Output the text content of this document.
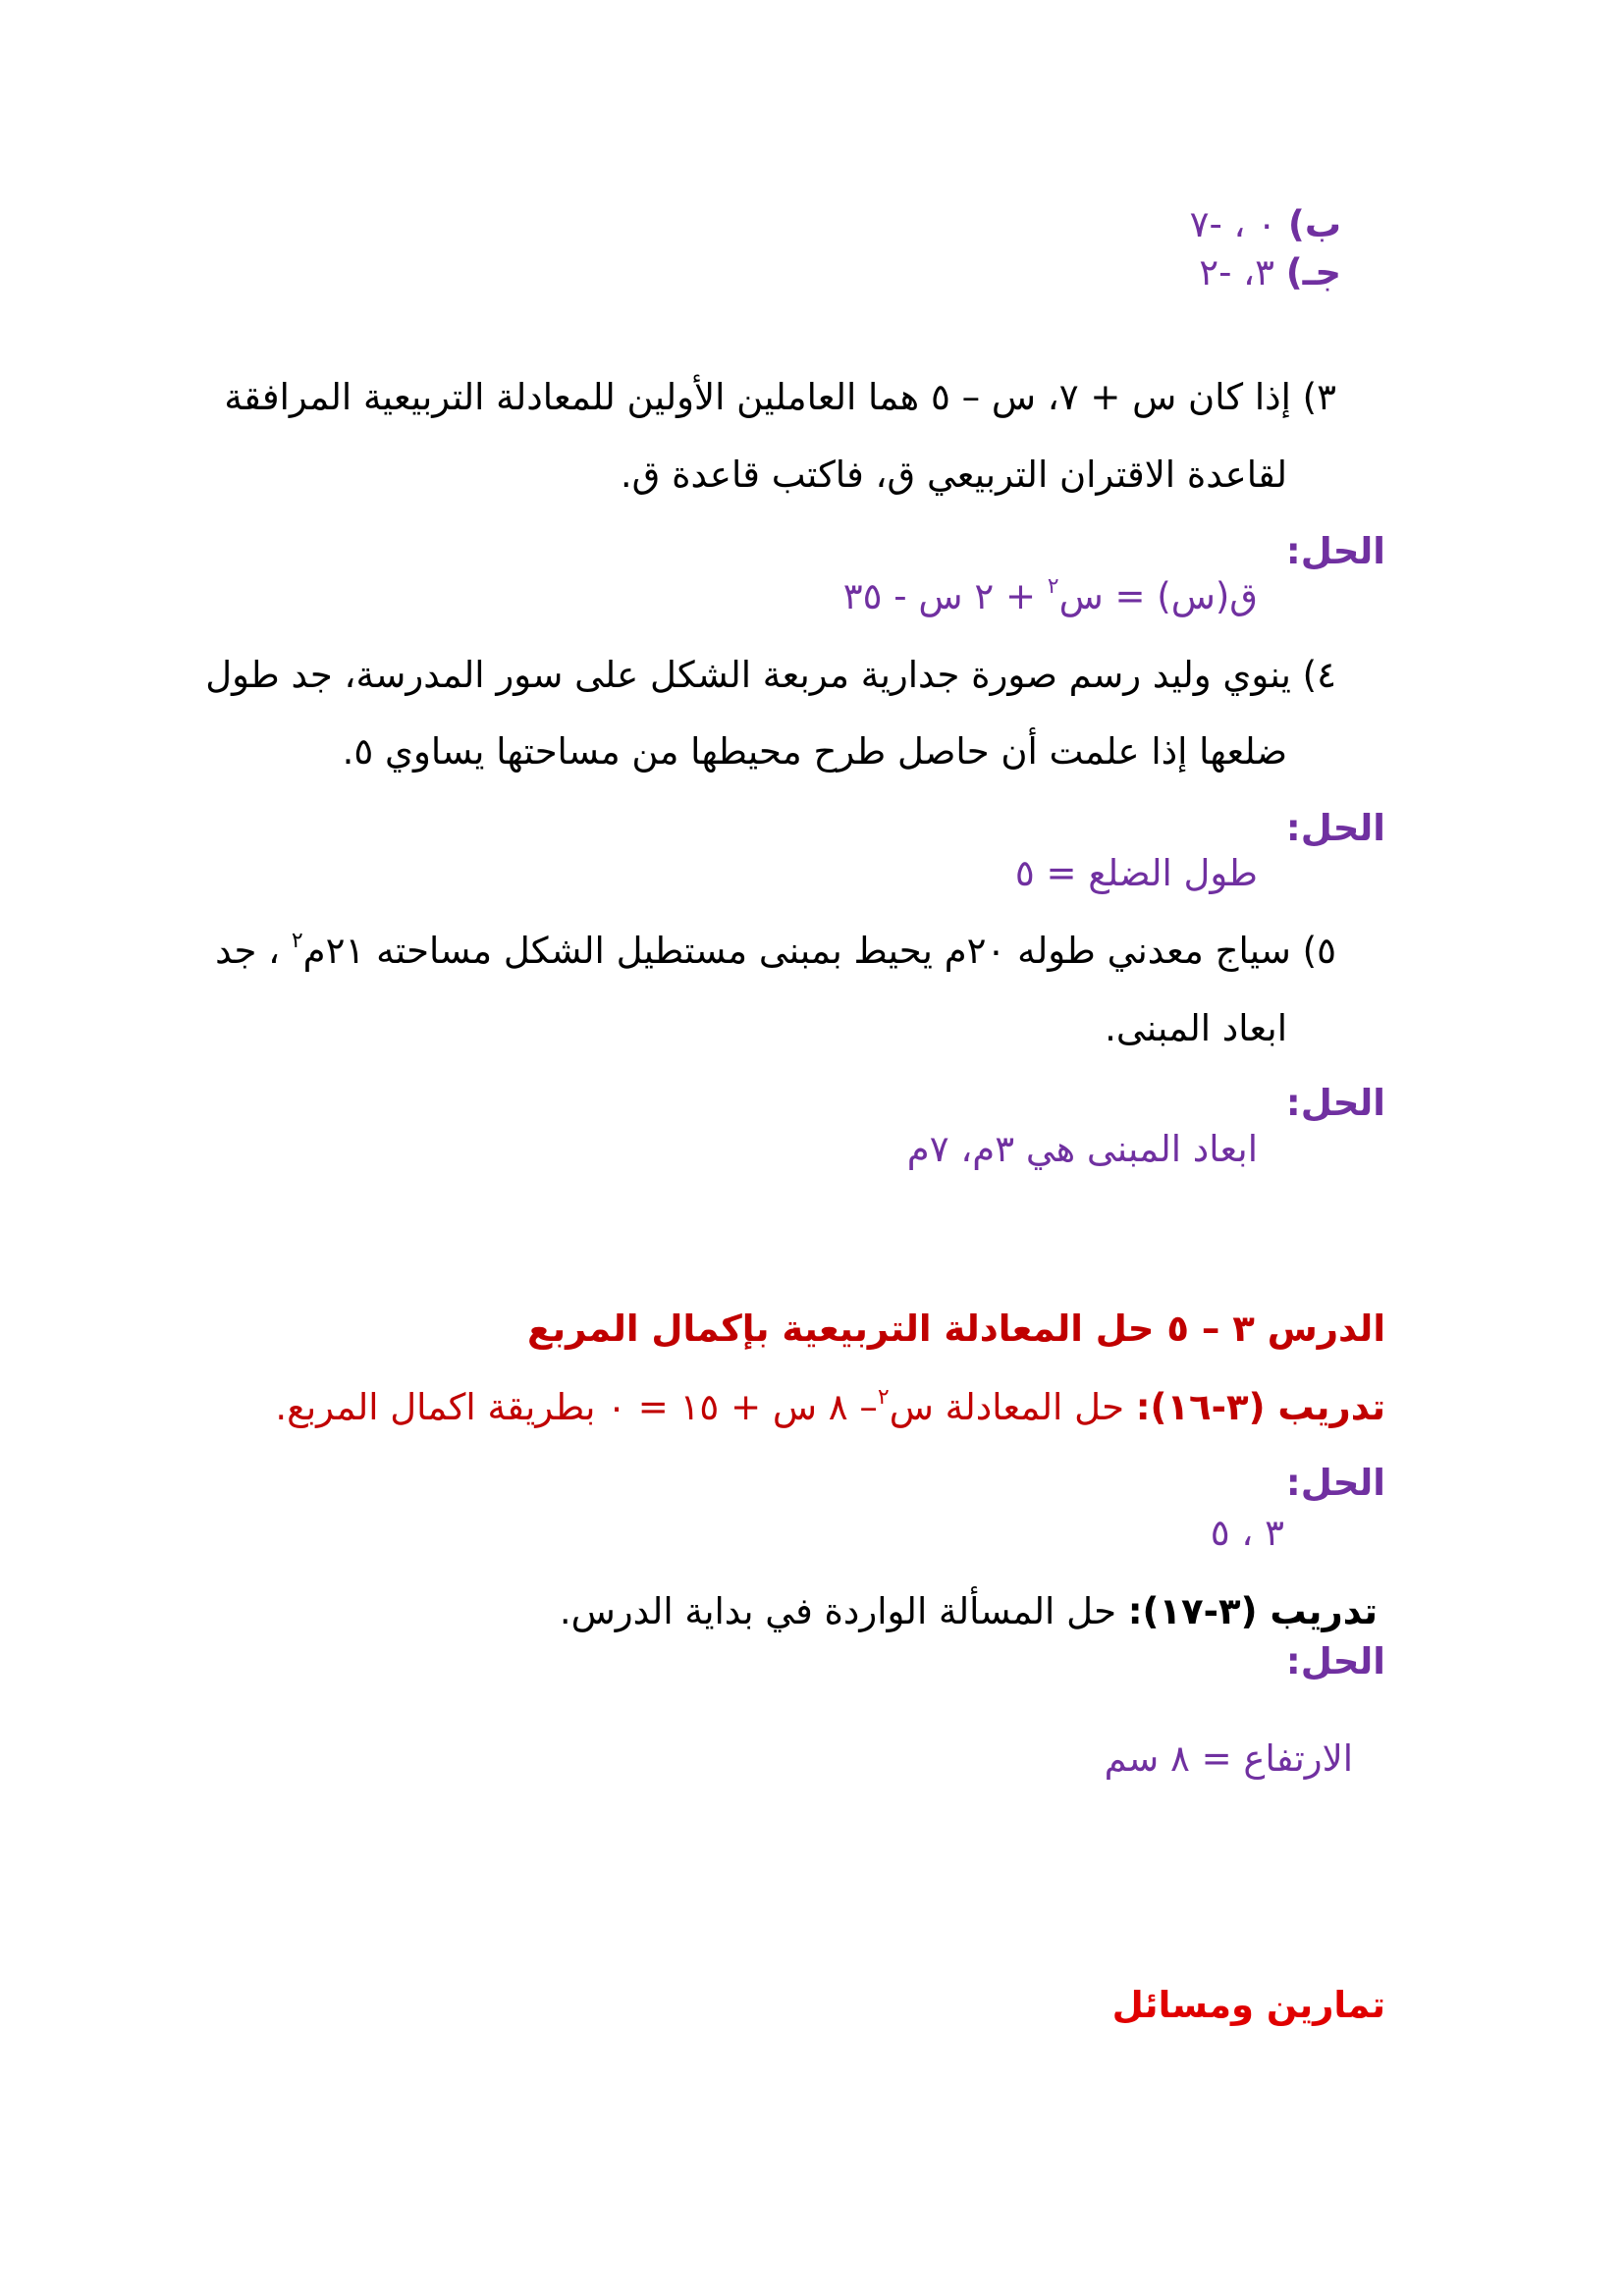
ب) ٠ ، -٧
جـ) ٣، -٢
٣) إذا كان س + ٧، س – ٥ هما العاملين الأولين للمعادلة التربيعية المرافقة
لقاعدة الاقتران التربيعي ق، فاكتب قاعدة ق.
الحل:
ق(س) = س$^٢$ + ٢ س - ٣٥
٤) ينوي وليد رسم صورة جدارية مربعة الشكل على سور المدرسة، جد طول
ضلعها إذا علمت أن حاصل طرح محيطها من مساحتها يساوي ٥.
الحل:
طول الضلع = ٥
٥) سياج معدني طوله ٢٠م يحيط بمبنى مستطيل الشكل مساحته ٢١م$^٢$ ، جد
ابعاد المبنى.
الحل:
ابعاد المبنى هي ٣م، ٧م
الدرس ٣ – ٥ حل المعادلة التربيعية بإكمال المربع
تدريب (٣-١٦): حل المعادلة س$^٢$– ٨ س + ١٥ = ٠ بطريقة اكمال المربع.
الحل:
٣ ، ٥
تدريب (٣-١٧): حل المسألة الواردة في بداية الدرس.
الحل:
الارتفاع = ٨ سم
تمارين ومسائل
